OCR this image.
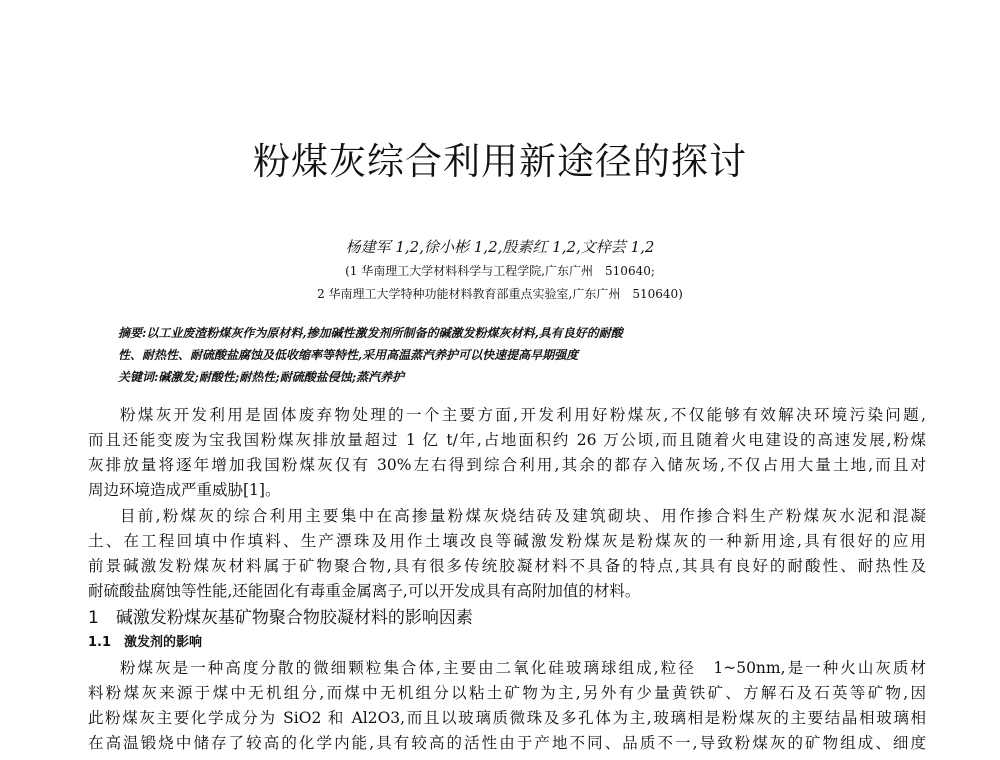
粉煤灰综合利用新途径的探讨
杨建军 1,2,徐小彬 1,2,殷素红 1,2,文梓芸 1,2
(1 华南理工大学材料科学与工程学院,广东广州　510640;
2 华南理工大学特种功能材料教育部重点实验室,广东广州　510640)
摘要:以工业废渣粉煤灰作为原材料,掺加碱性激发剂所制备的碱激发粉煤灰材料,具有良好的耐酸
性、耐热性、耐硫酸盐腐蚀及低收缩率等特性,采用高温蒸汽养护可以快速提高早期强度
关键词:碱激发;耐酸性;耐热性;耐硫酸盐侵蚀;蒸汽养护
粉煤灰开发利用是固体废弃物处理的一个主要方面,开发利用好粉煤灰,不仅能够有效解决环境污染问题,
而且还能变废为宝我国粉煤灰排放量超过 1 亿 t/年,占地面积约 26 万公顷,而且随着火电建设的高速发展,粉煤
灰排放量将逐年增加我国粉煤灰仅有 30%左右得到综合利用,其余的都存入储灰场,不仅占用大量土地,而且对
周边环境造成严重威胁[1]。
目前,粉煤灰的综合利用主要集中在高掺量粉煤灰烧结砖及建筑砌块、用作掺合料生产粉煤灰水泥和混凝
土、在工程回填中作填料、生产漂珠及用作土壤改良等碱激发粉煤灰是粉煤灰的一种新用途,具有很好的应用
前景碱激发粉煤灰材料属于矿物聚合物,具有很多传统胶凝材料不具备的特点,其具有良好的耐酸性、耐热性及
耐硫酸盐腐蚀等性能,还能固化有毒重金属离子,可以开发成具有高附加值的材料。
1　碱激发粉煤灰基矿物聚合物胶凝材料的影响因素
1.1　激发剂的影响
粉煤灰是一种高度分散的微细颗粒集合体,主要由二氧化硅玻璃球组成,粒径　1~50nm,是一种火山灰质材
料粉煤灰来源于煤中无机组分,而煤中无机组分以粘土矿物为主,另外有少量黄铁矿、方解石及石英等矿物,因
此粉煤灰主要化学成分为 SiO2 和 Al2O3,而且以玻璃质微珠及多孔体为主,玻璃相是粉煤灰的主要结晶相玻璃相
在高温锻烧中储存了较高的化学内能,具有较高的活性由于产地不同、品质不一,导致粉煤灰的矿物组成、细度
